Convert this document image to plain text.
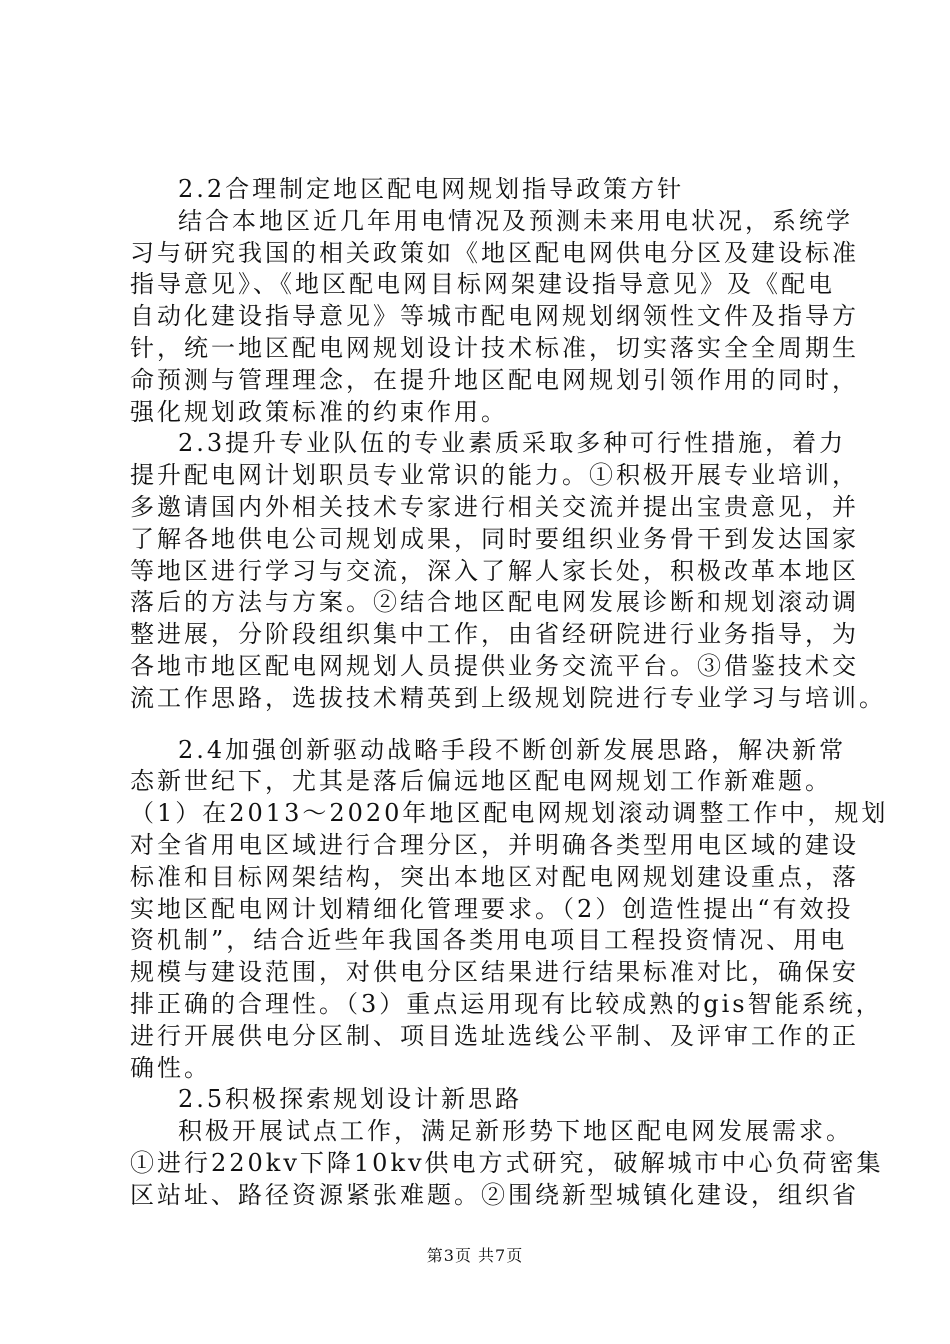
2.2合理制定地区配电网规划指导政策方针
结合本地区近几年用电情况及预测未来用电状况，系统学
习与研究我国的相关政策如《地区配电网供电分区及建设标准
指导意见》、《地区配电网目标网架建设指导意见》及《配电
自动化建设指导意见》等城市配电网规划纲领性文件及指导方
针，统一地区配电网规划设计技术标准，切实落实全全周期生
命预测与管理理念，在提升地区配电网规划引领作用的同时，
强化规划政策标准的约束作用。
2.3提升专业队伍的专业素质采取多种可行性措施，着力
提升配电网计划职员专业常识的能力。①积极开展专业培训，
多邀请国内外相关技术专家进行相关交流并提出宝贵意见，并
了解各地供电公司规划成果，同时要组织业务骨干到发达国家
等地区进行学习与交流，深入了解人家长处，积极改革本地区
落后的方法与方案。②结合地区配电网发展诊断和规划滚动调
整进展，分阶段组织集中工作，由省经研院进行业务指导，为
各地市地区配电网规划人员提供业务交流平台。③借鉴技术交
流工作思路，选拔技术精英到上级规划院进行专业学习与培训。
2.4加强创新驱动战略手段不断创新发展思路，解决新常
态新世纪下，尤其是落后偏远地区配电网规划工作新难题。
（1）在2013～2020年地区配电网规划滚动调整工作中，规划
对全省用电区域进行合理分区，并明确各类型用电区域的建设
标准和目标网架结构，突出本地区对配电网规划建设重点，落
实地区配电网计划精细化管理要求。（2）创造性提出“有效投
资机制”，结合近些年我国各类用电项目工程投资情况、用电
规模与建设范围，对供电分区结果进行结果标准对比，确保安
排正确的合理性。（3）重点运用现有比较成熟的gis智能系统，
进行开展供电分区制、项目选址选线公平制、及评审工作的正
确性。
2.5积极探索规划设计新思路
积极开展试点工作，满足新形势下地区配电网发展需求。
①进行220kv下降10kv供电方式研究，破解城市中心负荷密集
区站址、路径资源紧张难题。②围绕新型城镇化建设，组织省
第3页 共7页
